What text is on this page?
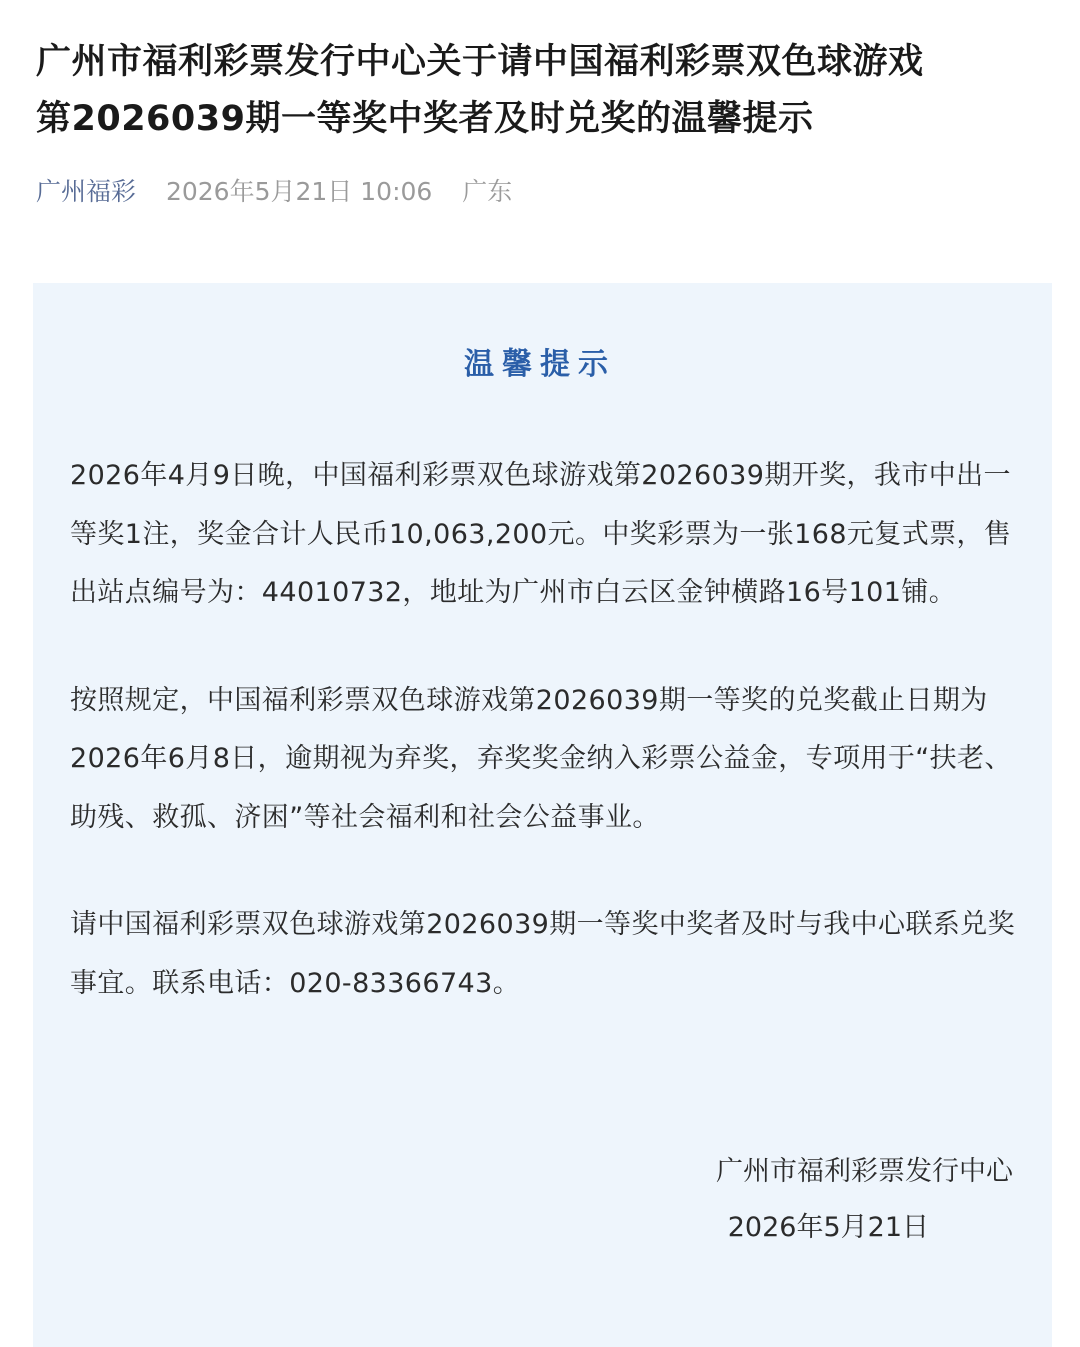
广州市福利彩票发行中心关于请中国福利彩票双色球游戏
第2026039期一等奖中奖者及时兑奖的温馨提示
广州福彩 2026年5月21日 10:06 广东
温馨提示

2026年4月9日晚，中国福利彩票双色球游戏第2026039期开奖，我市中出一等奖1注，奖金合计人民币10,063,200元。中奖彩票为一张168元复式票，售出站点编号为：44010732，地址为广州市白云区金钟横路16号101铺。

按照规定，中国福利彩票双色球游戏第2026039期一等奖的兑奖截止日期为2026年6月8日，逾期视为弃奖，弃奖奖金纳入彩票公益金，专项用于“扶老、助残、救孤、济困”等社会福利和社会公益事业。

请中国福利彩票双色球游戏第2026039期一等奖中奖者及时与我中心联系兑奖事宜。联系电话：020-83366743。

广州市福利彩票发行中心

2026年5月21日
